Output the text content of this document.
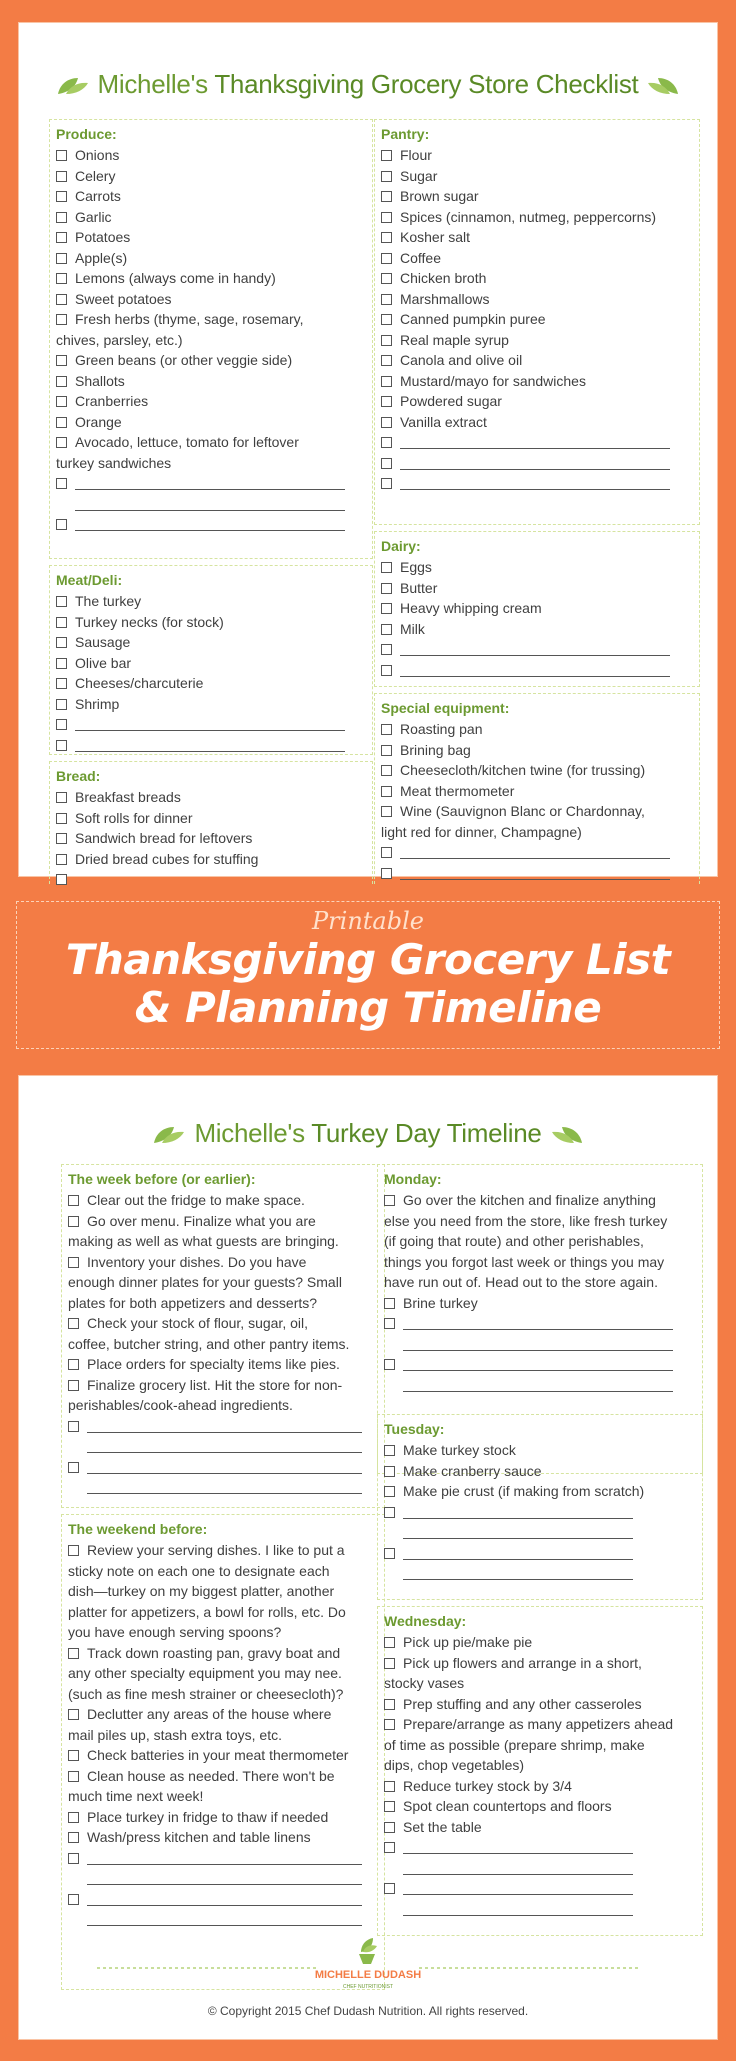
Michelle's Thanksgiving Grocery Store Checklist
Produce:
Onions
Celery
Carrots
Garlic
Potatoes
Apple(s)
Lemons (always come in handy)
Sweet potatoes
Fresh herbs (thyme, sage, rosemary,
chives, parsley, etc.)
Green beans (or other veggie side)
Shallots
Cranberries
Orange
Avocado, lettuce, tomato for leftover
turkey sandwiches
Meat/Deli:
The turkey
Turkey necks (for stock)
Sausage
Olive bar
Cheeses/charcuterie
Shrimp
Bread:
Breakfast breads
Soft rolls for dinner
Sandwich bread for leftovers
Dried bread cubes for stuffing
Pantry:
Flour
Sugar
Brown sugar
Spices (cinnamon, nutmeg, peppercorns)
Kosher salt
Coffee
Chicken broth
Marshmallows
Canned pumpkin puree
Real maple syrup
Canola and olive oil
Mustard/mayo for sandwiches
Powdered sugar
Vanilla extract
Dairy:
Eggs
Butter
Heavy whipping cream
Milk
Special equipment:
Roasting pan
Brining bag
Cheesecloth/kitchen twine (for trussing)
Meat thermometer
Wine (Sauvignon Blanc or Chardonnay,
light red for dinner, Champagne)
Printable
Thanksgiving Grocery List
& Planning Timeline
Michelle's Turkey Day Timeline
The week before (or earlier):
Clear out the fridge to make space.
Go over menu. Finalize what you are
making as well as what guests are bringing.
Inventory your dishes. Do you have
enough dinner plates for your guests? Small
plates for both appetizers and desserts?
Check your stock of flour, sugar, oil,
coffee, butcher string, and other pantry items.
Place orders for specialty items like pies.
Finalize grocery list. Hit the store for non-
perishables/cook-ahead ingredients.
The weekend before:
Review your serving dishes. I like to put a
sticky note on each one to designate each
dish—turkey on my biggest platter, another
platter for appetizers, a bowl for rolls, etc. Do
you have enough serving spoons?
Track down roasting pan, gravy boat and
any other specialty equipment you may nee.
(such as fine mesh strainer or cheesecloth)?
Declutter any areas of the house where
mail piles up, stash extra toys, etc.
Check batteries in your meat thermometer
Clean house as needed. There won't be
much time next week!
Place turkey in fridge to thaw if needed
Wash/press kitchen and table linens
Monday:
Go over the kitchen and finalize anything
else you need from the store, like fresh turkey
(if going that route) and other perishables,
things you forgot last week or things you may
have run out of. Head out to the store again.
Brine turkey
Tuesday:
Make turkey stock
Make cranberry sauce
Make pie crust (if making from scratch)
Wednesday:
Pick up pie/make pie
Pick up flowers and arrange in a short,
stocky vases
Prep stuffing and any other casseroles
Prepare/arrange as many appetizers ahead
of time as possible (prepare shrimp, make
dips, chop vegetables)
Reduce turkey stock by 3/4
Spot clean countertops and floors
Set the table
MICHELLE DUDASH
CHEF NUTRITIONIST
© Copyright 2015 Chef Dudash Nutrition. All rights reserved.
